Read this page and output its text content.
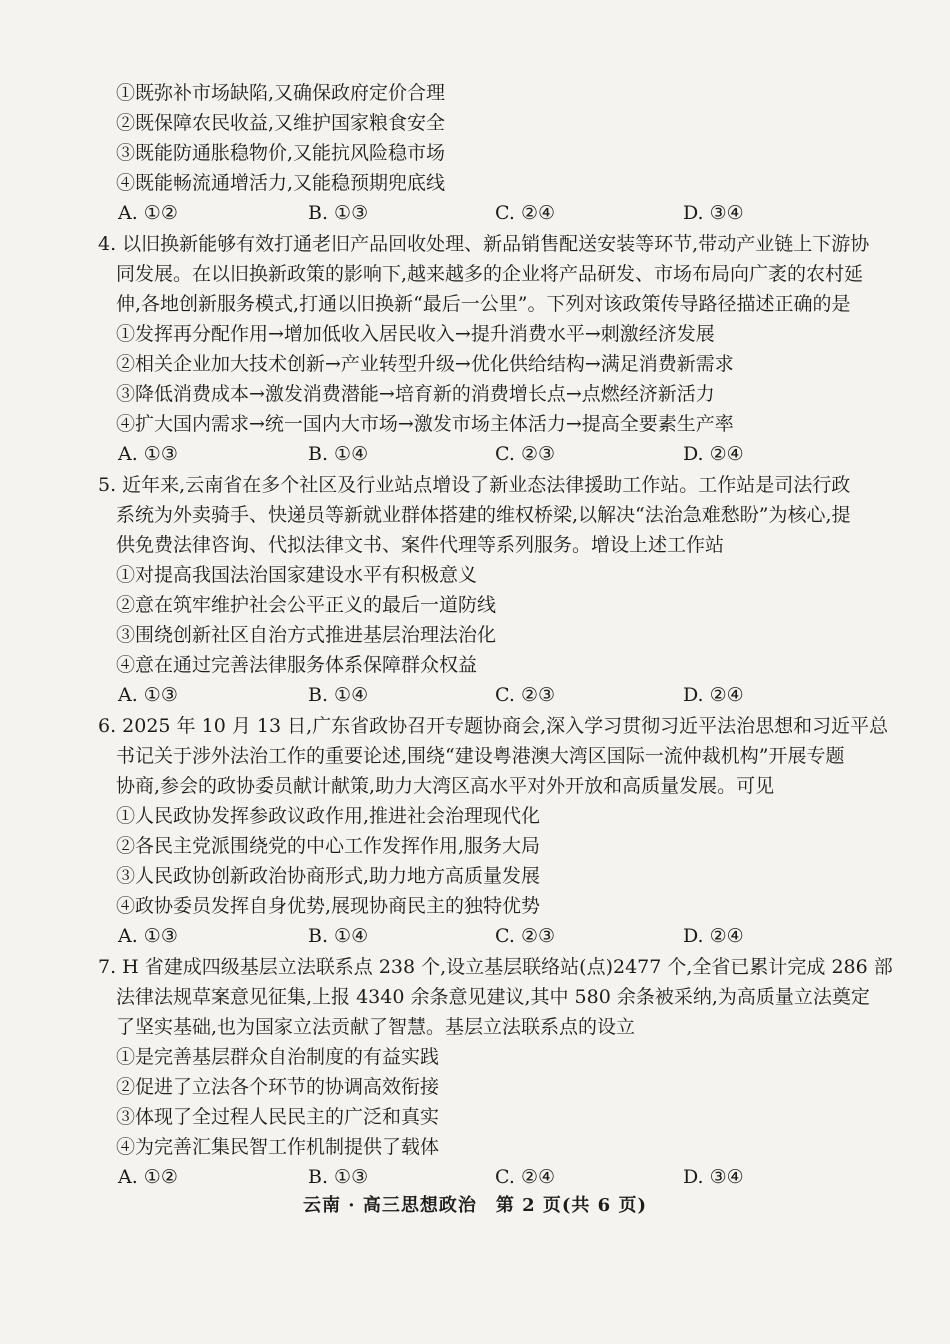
①既弥补市场缺陷,又确保政府定价合理
②既保障农民收益,又维护国家粮食安全
③既能防通胀稳物价,又能抗风险稳市场
④既能畅流通增活力,又能稳预期兜底线
A. ①②	B. ①③	C. ②④	D. ③④
4. 以旧换新能够有效打通老旧产品回收处理、新品销售配送安装等环节,带动产业链上下游协
同发展。在以旧换新政策的影响下,越来越多的企业将产品研发、市场布局向广袤的农村延
伸,各地创新服务模式,打通以旧换新“最后一公里”。下列对该政策传导路径描述正确的是
①发挥再分配作用→增加低收入居民收入→提升消费水平→刺激经济发展
②相关企业加大技术创新→产业转型升级→优化供给结构→满足消费新需求
③降低消费成本→激发消费潜能→培育新的消费增长点→点燃经济新活力
④扩大国内需求→统一国内大市场→激发市场主体活力→提高全要素生产率
A. ①③	B. ①④	C. ②③	D. ②④
5. 近年来,云南省在多个社区及行业站点增设了新业态法律援助工作站。工作站是司法行政
系统为外卖骑手、快递员等新就业群体搭建的维权桥梁,以解决“法治急难愁盼”为核心,提
供免费法律咨询、代拟法律文书、案件代理等系列服务。增设上述工作站
①对提高我国法治国家建设水平有积极意义
②意在筑牢维护社会公平正义的最后一道防线
③围绕创新社区自治方式推进基层治理法治化
④意在通过完善法律服务体系保障群众权益
A. ①③	B. ①④	C. ②③	D. ②④
6. 2025 年 10 月 13 日,广东省政协召开专题协商会,深入学习贯彻习近平法治思想和习近平总
书记关于涉外法治工作的重要论述,围绕“建设粤港澳大湾区国际一流仲裁机构”开展专题
协商,参会的政协委员献计献策,助力大湾区高水平对外开放和高质量发展。可见
①人民政协发挥参政议政作用,推进社会治理现代化
②各民主党派围绕党的中心工作发挥作用,服务大局
③人民政协创新政治协商形式,助力地方高质量发展
④政协委员发挥自身优势,展现协商民主的独特优势
A. ①③	B. ①④	C. ②③	D. ②④
7. H 省建成四级基层立法联系点 238 个,设立基层联络站(点)2477 个,全省已累计完成 286 部
法律法规草案意见征集,上报 4340 余条意见建议,其中 580 余条被采纳,为高质量立法奠定
了坚实基础,也为国家立法贡献了智慧。基层立法联系点的设立
①是完善基层群众自治制度的有益实践
②促进了立法各个环节的协调高效衔接
③体现了全过程人民民主的广泛和真实
④为完善汇集民智工作机制提供了载体
A. ①②	B. ①③	C. ②④	D. ③④
云南 · 高三思想政治　第 2 页(共 6 页)
